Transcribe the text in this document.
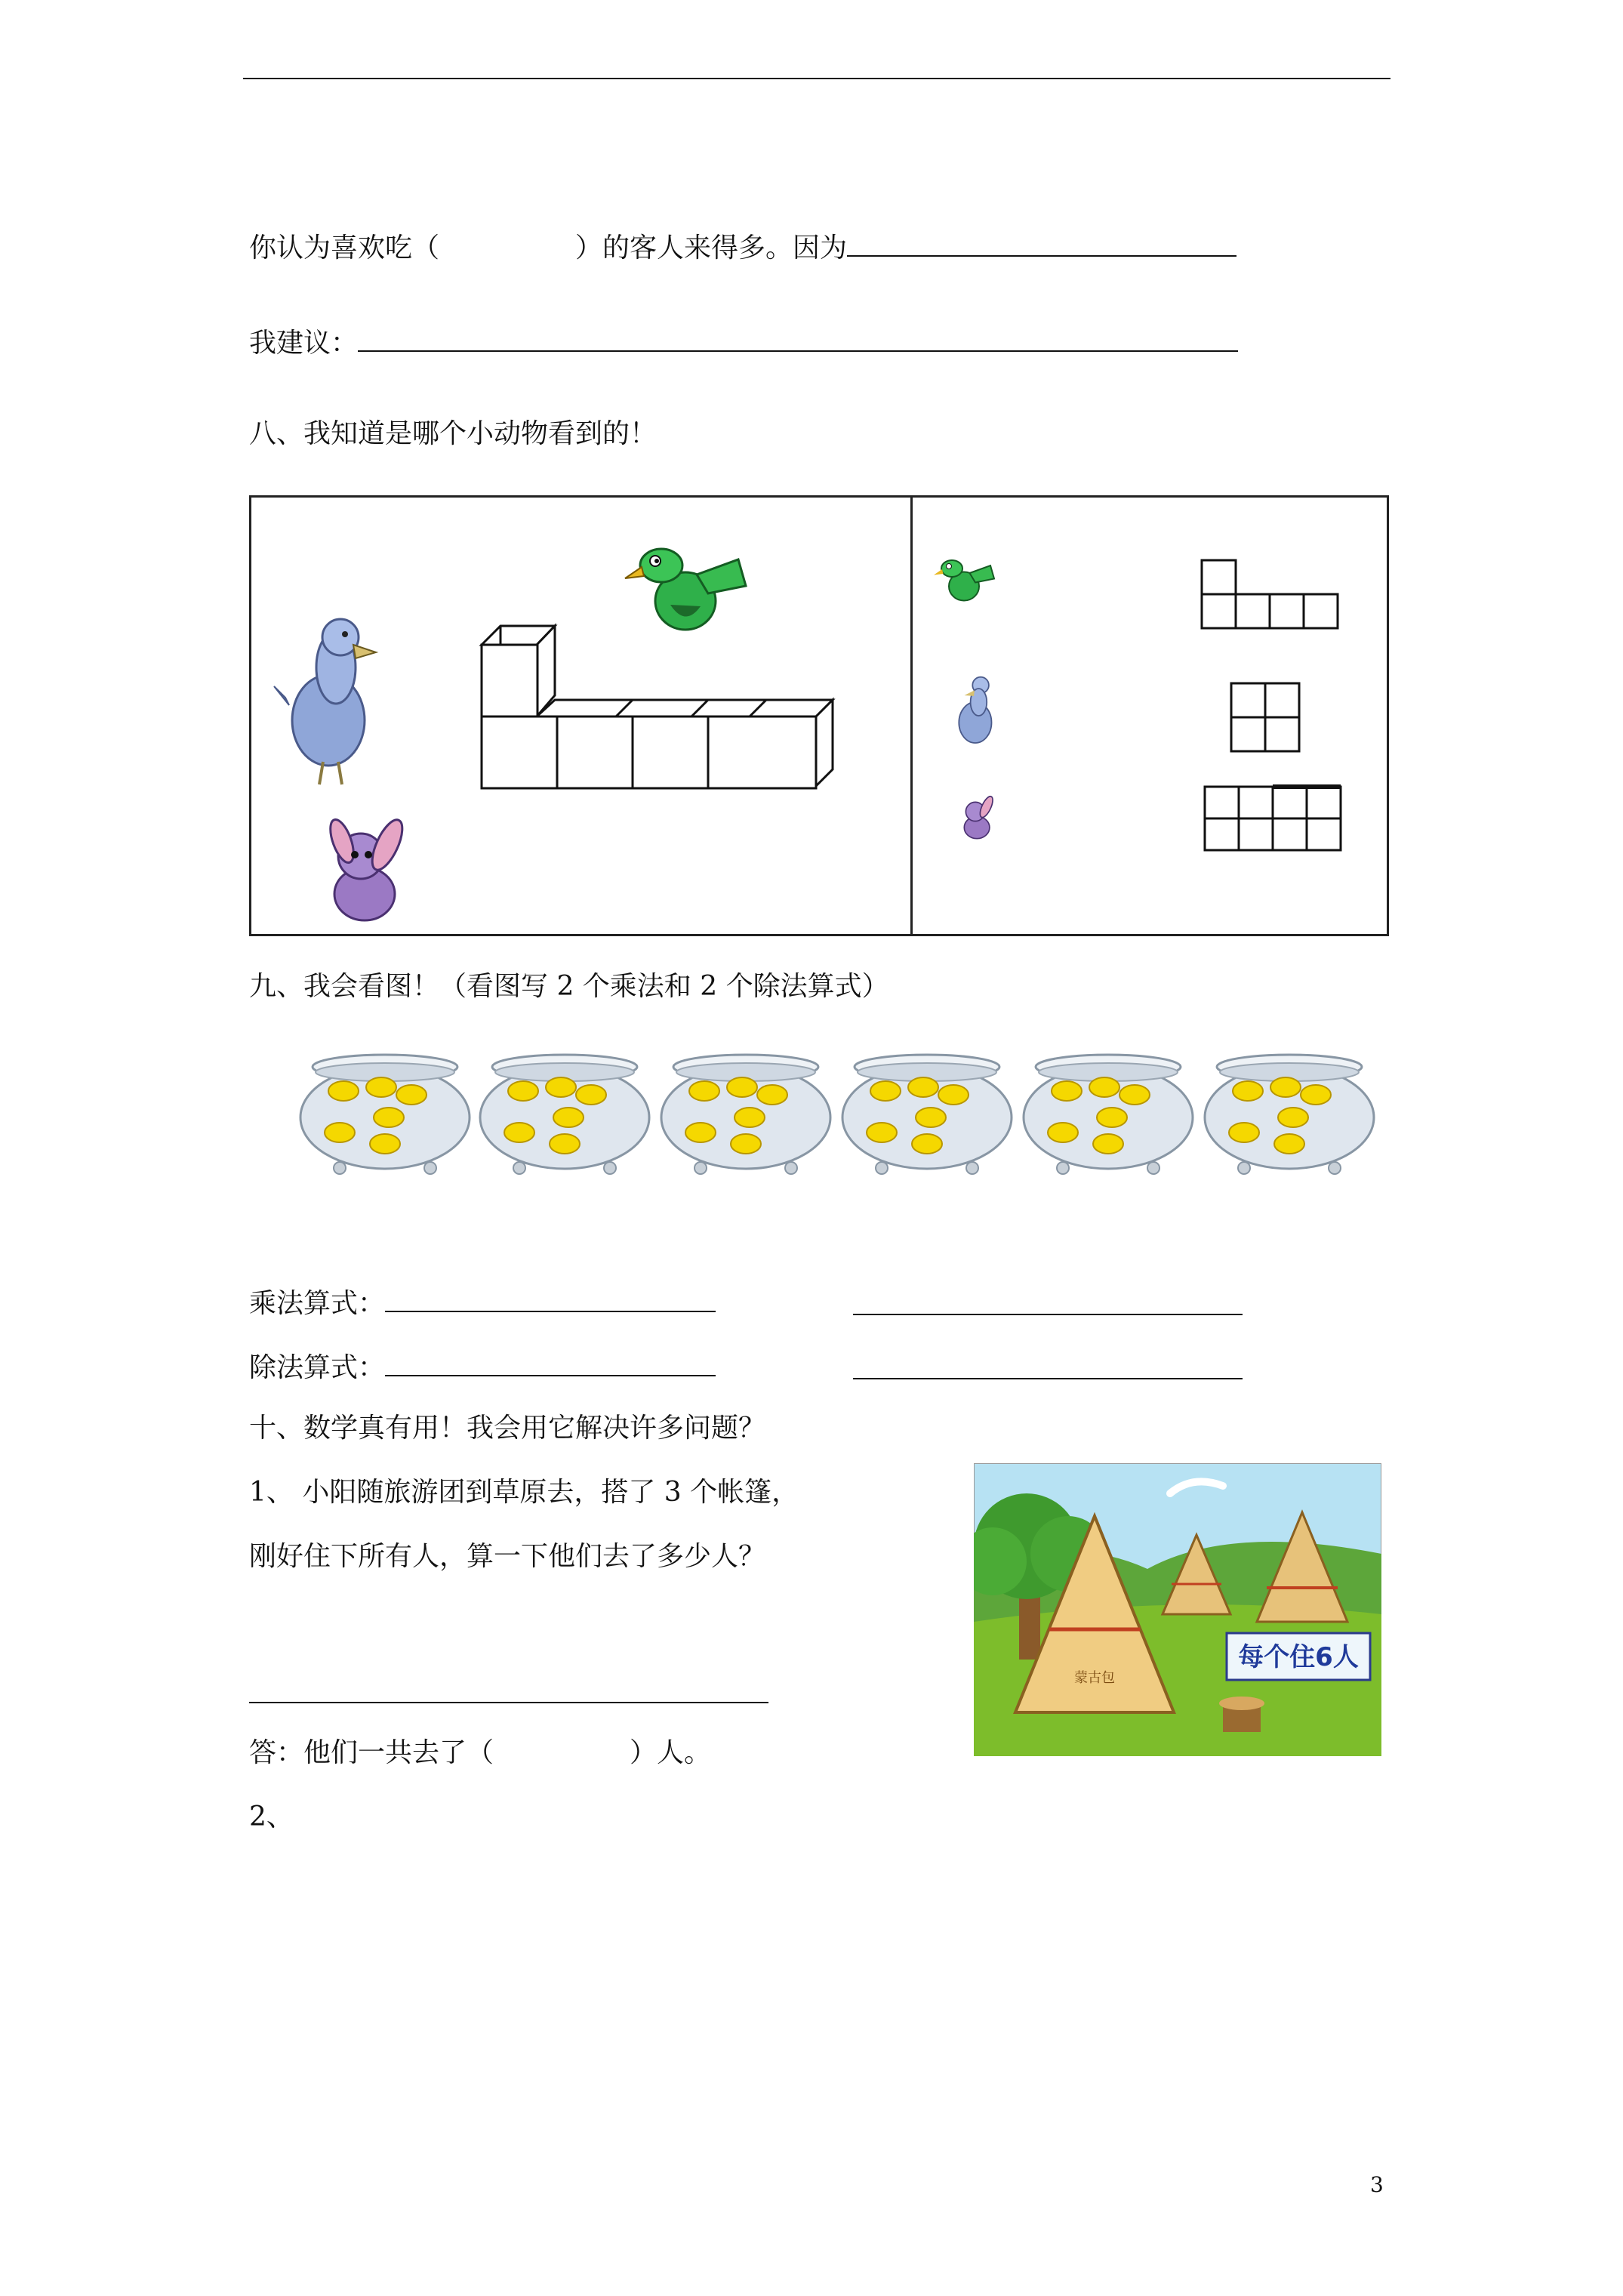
你认为喜欢吃（	）的客人来得多。因为
我建议：
八、我知道是哪个小动物看到的！
九、我会看图！（看图写 2 个乘法和 2 个除法算式）
乘法算式：
除法算式：
十、数学真有用！我会用它解决许多问题？
1、 小阳随旅游团到草原去，搭了 3 个帐篷，
刚好住下所有人，算一下他们去了多少人？
答：他们一共去了（	）人。
2、
蒙古包
每个住6人
3
